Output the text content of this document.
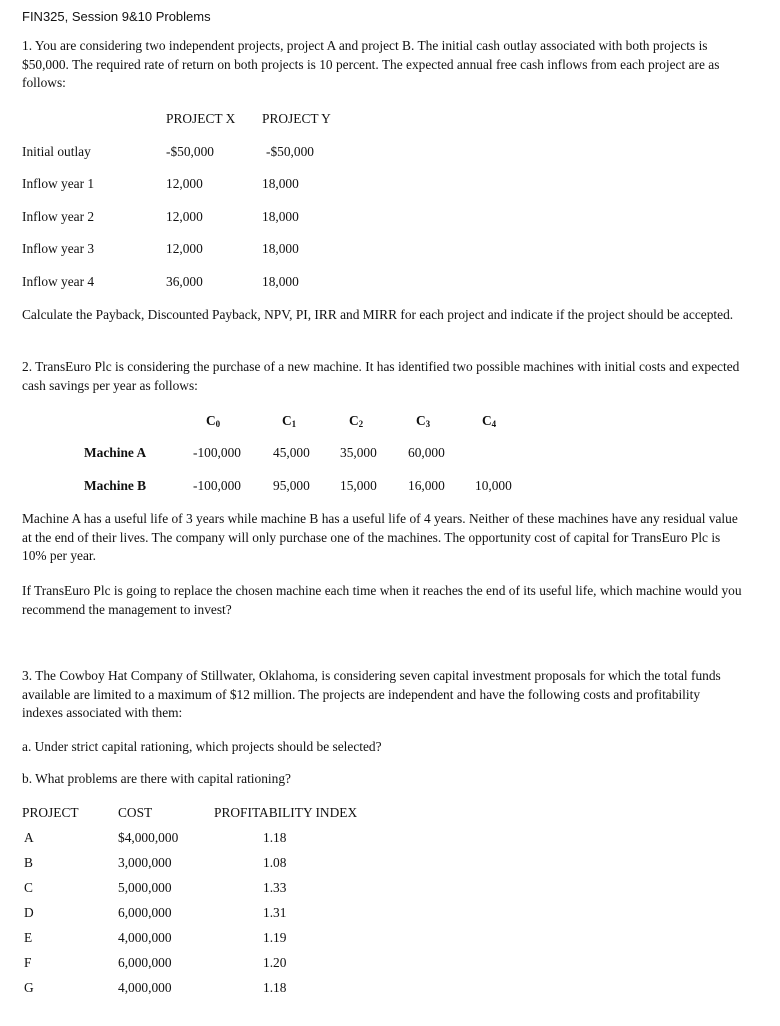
FIN325, Session 9&10 Problems

1. You are considering two independent projects, project A and project B. The initial cash outlay associated with both projects is $50,000. The required rate of return on both projects is 10 percent. The expected annual free cash inflows from each project are as follows:

PROJECT X PROJECT Y
Initial outlay	-$50,000	-$50,000
Inflow year 1	12,000	18,000
Inflow year 2	12,000	18,000
Inflow year 3	12,000	18,000
Inflow year 4	36,000	18,000

Calculate the Payback, Discounted Payback, NPV, PI, IRR and MIRR for each project and indicate if the project should be accepted.

2. TransEuro Plc is considering the purchase of a new machine. It has identified two possible machines with initial costs and expected cash savings per year as follows:

$C_0$	$C_1$	$C_2$	$C_3$	$C_4$
Machine A	-100,000 45,000 35,000 60,000
Machine B	-100,000 95,000 15,000 16,000 10,000

Machine A has a useful life of 3 years while machine B has a useful life of 4 years. Neither of these machines have any residual value at the end of their lives. The company will only purchase one of the machines. The opportunity cost of capital for TransEuro Plc is 10% per year.

If TransEuro Plc is going to replace the chosen machine each time when it reaches the end of its useful life, which machine would you recommend the management to invest?

3. The Cowboy Hat Company of Stillwater, Oklahoma, is considering seven capital investment proposals for which the total funds available are limited to a maximum of $12 million. The projects are independent and have the following costs and profitability indexes associated with them:

a. Under strict capital rationing, which projects should be selected?
b. What problems are there with capital rationing?
PROJECT	COST	PROFITABILITY INDEX
A	$4,000,000	1.18
B	3,000,000	1.08
C	5,000,000	1.33
D	6,000,000	1.31
E	4,000,000	1.19
F	6,000,000	1.20
G	4,000,000	1.18
